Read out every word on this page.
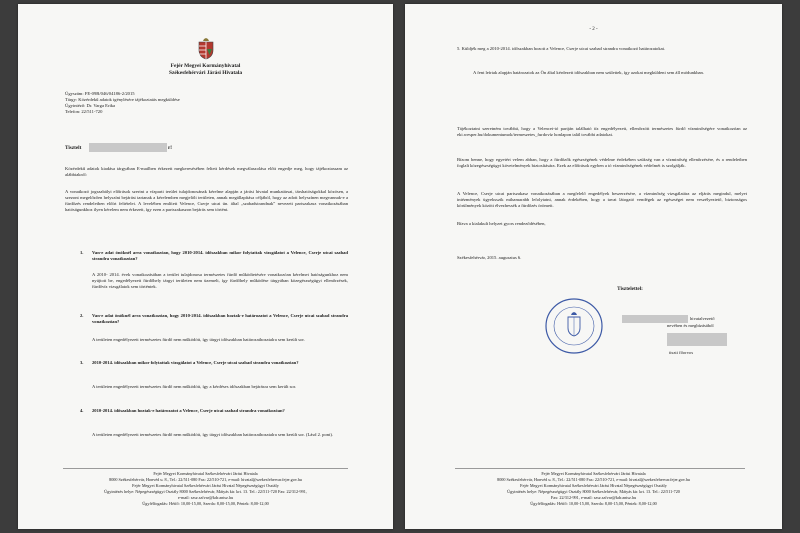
Fejér Megyei Kormányhivatal
Székesfehérvári Járási Hivatala
Ügyszám: FE-09B/046/04186-2/2015
Tárgy: Közérdekű adatok igénylésére tájékoztatás megküldése
Ügyintéző: Dr. Varga Erika
Telefon: 22/511-720
Tisztelt	r!
Közérdekű adatok kiadása tárgyában E-mailben érkezett megkeresésében feltett kérdések megválaszolása előtt engedje meg, hogy tájékoztassam az alábbiakról:
A vonatkozó jogszabályi előírások szerint a vízparti terület tulajdonosának kérelme alapján a járási hivatal munkatársai, társhatóságokkal közösen, a szezont megelőzően helyszíni bejárást tartanak a kérelemben megjelölt területen, annak megállapítása céljából, hogy az adott helyszínen megvannak-e a fürdőzés rendeletben előírt feltételei. A levelében említett Velence, Cserje utcai ún. által „szabadstrandnak” nevezett partszakasz vonatkozásában hatóságunkhoz ilyen kérelem nem érkezett, így ezen a partszakaszon bejárás sem történt.
1. Van-e adat önöknél arra vonatkozóan, hogy 2010-2014. időszakban mikor folytattak vizsgálatot a Velence, Cserje utcai szabad strandra vonatkozóan?
A 2010- 2014. évek vonatkozásában a terület tulajdonosa természetes fürdő működtetésére vonatkozóan kérelmet hatóságunkhoz nem nyújtott be, engedélyezett fürdőhely tárgyi területen nem üzemelt, így fürdőhely működése tárgyában közegészségügyi ellenőrzések, fürdővíz vizsgálatok sem történtek.
2. Van-e adat önöknél arra vonatkozóan, hogy 2010-2014. időszakban hoztak-e határozatot a Velence, Cserje utcai szabad strandra vonatkozóan?
A területen engedélyezett természetes fürdő nem működött, így tárgyi időszakban határozathozatalra sem került sor.
3. 2010-2014. időszakban mikor folytattak vizsgálatot a Velence, Cserje utcai szabad strandra vonatkozóan?
A területen engedélyezett természetes fürdő nem működött, így a kérdéses időszakban bejárásra sem került sor.
4. 2010-2014. időszakban hoztak-e határozatot a Velence, Cserje utcai szabad strandra vonatkozóan?
A területen engedélyezett természetes fürdő nem működött, így tárgyi időszakban határozathozatalra sem került sor. (Lásd 2. pont).
Fejér Megyei Kormányhivatal Székesfehérvári Járási Hivatala
8000 Székesfehérvár, Honvéd u. 8., Tel.: 22/511-080 Fax: 22/510-721, e-mail: hivatal@szekesfehervar.fejer.gov.hu
Fejér Megyei Kormányhivatal Székesfehérvári Járási Hivatal Népegészségügyi Osztály
Ügyintézés helye: Népegészségügyi Osztály 8000 Székesfehérvár, Mátyás kir. krt. 13. Tel.: 22/511-720 Fax: 22/312-991,
e-mail: szsz.szfvar@kdr.antsz.hu
Ügyfélfogadás: Hétfő: 10,00-15,00, Szerda: 8,00-15,00, Péntek: 8,00-12,00
- 2 -
5. Küldjék meg a 2010-2014. időszakban hozott a Velence, Cserje utcai szabad strandra vonatkozó határozatokat.
A fent leírtak alapján határozatok az Ön által kérdezett időszakban nem születtek, így azokat megküldeni sem áll módunkban.
Tájékoztatni szeretném továbbá, hogy a Velencei-tó partján található tíz engedélyezett, ellenőrzött természetes fürdő vízminőségére vonatkozóan az eki.wesper.hu/dokumentumok/termeszetes_furdovíz honlapon talál további adatokat.
Bízom benne, hogy egyetért velem abban, hogy a fürdőzők egészségének védelme érdekében szükség van a vízminőség ellenőrzésére, és a rendeletben foglalt közegészségügyi követelmények biztosítására. Ezek az előírások egyben a tó vízminőségének védelmét is szolgálják.
A Velence, Cserje utcai partszakasz vonatkozásában a megfelelő engedélyek beszerzésére, a vízminőség vizsgálatára az eljárás megindul, melyet intézmények ügyeksszik mihamarabb lefolytatni, annak érdekében, hogy a tavat látogató vendégek az egészséget nem veszélyeztető, biztonságos körülmények között élvezhessék a fürdőzés örömeit.
Bízva a kialakult helyzet gyors rendeződésében,
Székesfehérvár, 2015. augusztus 6.
Tisztelettel:
hivatalvezető
nevében és megbízásából
tiszti főorvos
Fejér Megyei Kormányhivatal Székesfehérvári Járási Hivatala
8000 Székesfehérvár, Honvéd u. 8., Tel.: 22/511-080 Fax: 22/510-721, e-mail: hivatal@szekesfehervar.fejer.gov.hu
Fejér Megyei Kormányhivatal Székesfehérvári Járási Hivatal Népegészségügyi Osztály
Ügyintézés helye: Népegészségügyi Osztály 8000 Székesfehérvár, Mátyás kir. krt. 13. Tel.: 22/511-720
Fax: 22/312-991, e-mail: szsz.szfvar@kdr.antsz.hu
Ügyfélfogadás: Hétfő: 10,00-15,00, Szerda: 8,00-15,00, Péntek: 8,00-12,00
